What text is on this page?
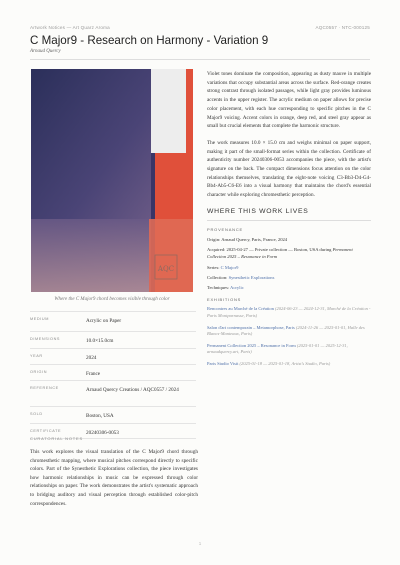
Artwork Notices — Art Quarz Aroma	AQC0557 · NTC-000125
C Major9 - Research on Harmony - Variation 9
Arnaud Quercy
AQC
Where the C Major9 chord becomes visible through color
MEDIUM	Acrylic on Paper
DIMENSIONS	10.0×15.0cm
YEAR	2024
ORIGIN	France
REFERENCE	Arnaud Quercy Creations / AQC0557 / 2024
SOLD	Boston, USA
CERTIFICATE	20240306-0053
CURATORIAL NOTES
This work explores the visual translation of the C Major9 chord through chromesthetic mapping, where musical pitches correspond directly to specific colors. Part of the Synesthetic Explorations collection, the piece investigates how harmonic relationships in music can be expressed through color relationships on paper. The work demonstrates the artist's systematic approach to bridging auditory and visual perception through established color-pitch correspondences.

Violet tones dominate the composition, appearing as dusty mauve in multiple variations that occupy substantial areas across the surface. Red-orange creates strong contrast through isolated passages, while light gray provides luminous accents in the upper register. The acrylic medium on paper allows for precise color placement, with each hue corresponding to specific pitches in the C Major9 voicing. Accent colors in orange, deep red, and steel gray appear as small but crucial elements that complete the harmonic structure.

The work measures 10.0 × 15.0 cm and weighs minimal on paper support, making it part of the small-format series within the collection. Certificate of authenticity number 20240306-0053 accompanies the piece, with the artist's signature on the back. The compact dimensions focus attention on the color relationships themselves, translating the eight-note voicing C3-Bb3-D4-G4-Bb4-Ab5-C6-E6 into a visual harmony that maintains the chord's essential character while exploring chromesthetic perception.

WHERE THIS WORK LIVES
PROVENANCE
Origin: Arnaud Quercy, Paris, France, 2024
Acquired: 2025-04-27 — Private collection — Boston, USA during Permanent Collection 2025 – Resonance in Form
Series: C Major9
Collection: Synesthetic Explorations
Techniques: Acrylic
EXHIBITIONS
Rencontres au Marché de la Création (2024-06-23 — 2024-12-31, Marché de la Création - Paris Montparnasse, Paris)
Salon d'art contemporain – Metamorphose, Paris (2024-11-26 — 2025-01-01, Halle des Blancs-Manteaux, Paris)
Permanent Collection 2025 – Resonance in Form (2025-01-01 — 2025-12-31, arnaudquercy.art, Paris)
Paris Studio Visit (2025-01-18 — 2025-01-18, Artist's Studio, Paris)
1
